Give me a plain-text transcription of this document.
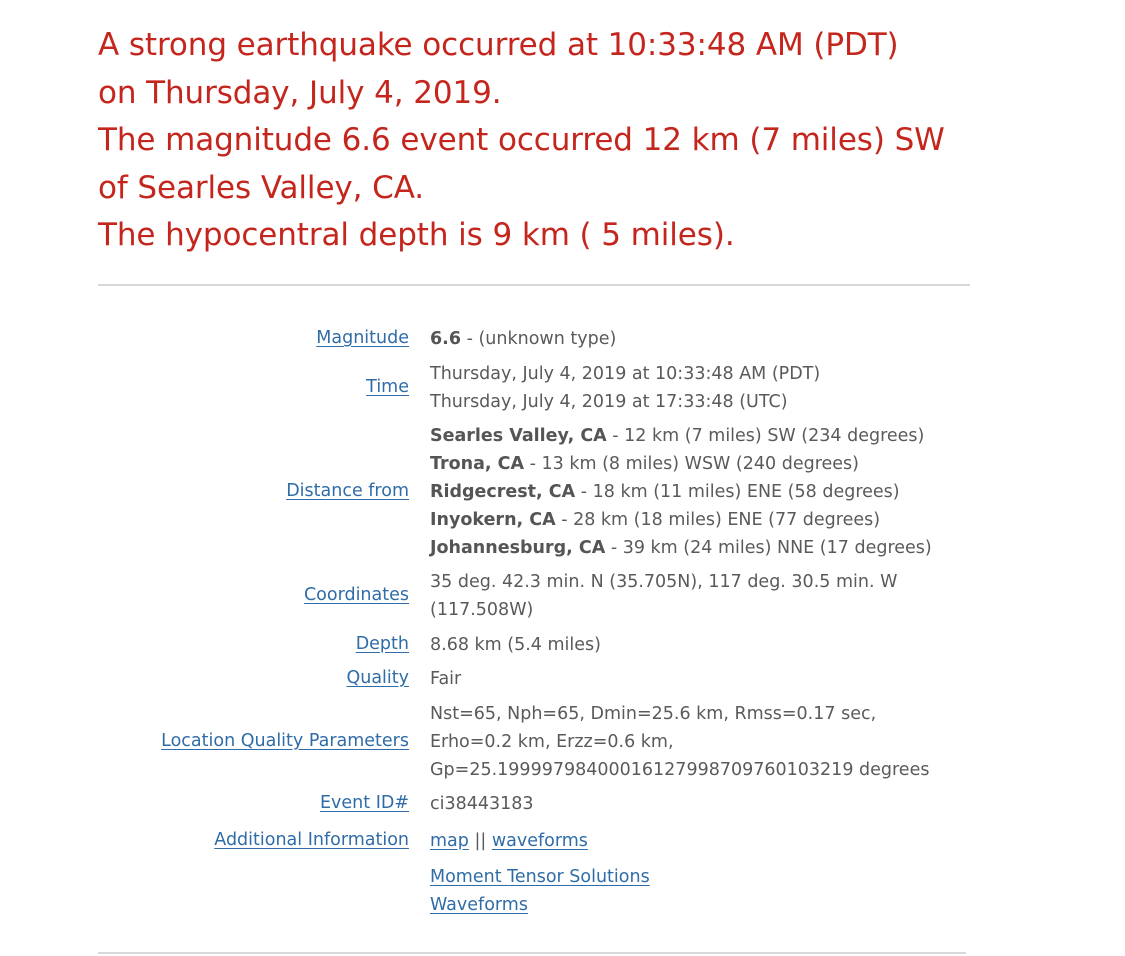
A strong earthquake occurred at 10:33:48 AM (PDT)
on Thursday, July 4, 2019.
The magnitude 6.6 event occurred 12 km (7 miles) SW
of Searles Valley, CA.
The hypocentral depth is 9 km ( 5 miles).
Magnitude 6.6 - (unknown type)
Time
Thursday, July 4, 2019 at 10:33:48 AM (PDT)
Thursday, July 4, 2019 at 17:33:48 (UTC)
Distance from
Searles Valley, CA - 12 km (7 miles) SW (234 degrees)
Trona, CA - 13 km (8 miles) WSW (240 degrees)
Ridgecrest, CA - 18 km (11 miles) ENE (58 degrees)
Inyokern, CA - 28 km (18 miles) ENE (77 degrees)
Johannesburg, CA - 39 km (24 miles) NNE (17 degrees)
Coordinates
35 deg. 42.3 min. N (35.705N), 117 deg. 30.5 min. W
(117.508W)
Depth 8.68 km (5.4 miles)
Quality Fair
Location Quality Parameters
Nst=65, Nph=65, Dmin=25.6 km, Rmss=0.17 sec,
Erho=0.2 km, Erzz=0.6 km,
Gp=25.19999798400016127998709760103219 degrees
Event ID# ci38443183
Additional Information map || waveforms
Moment Tensor Solutions
Waveforms
